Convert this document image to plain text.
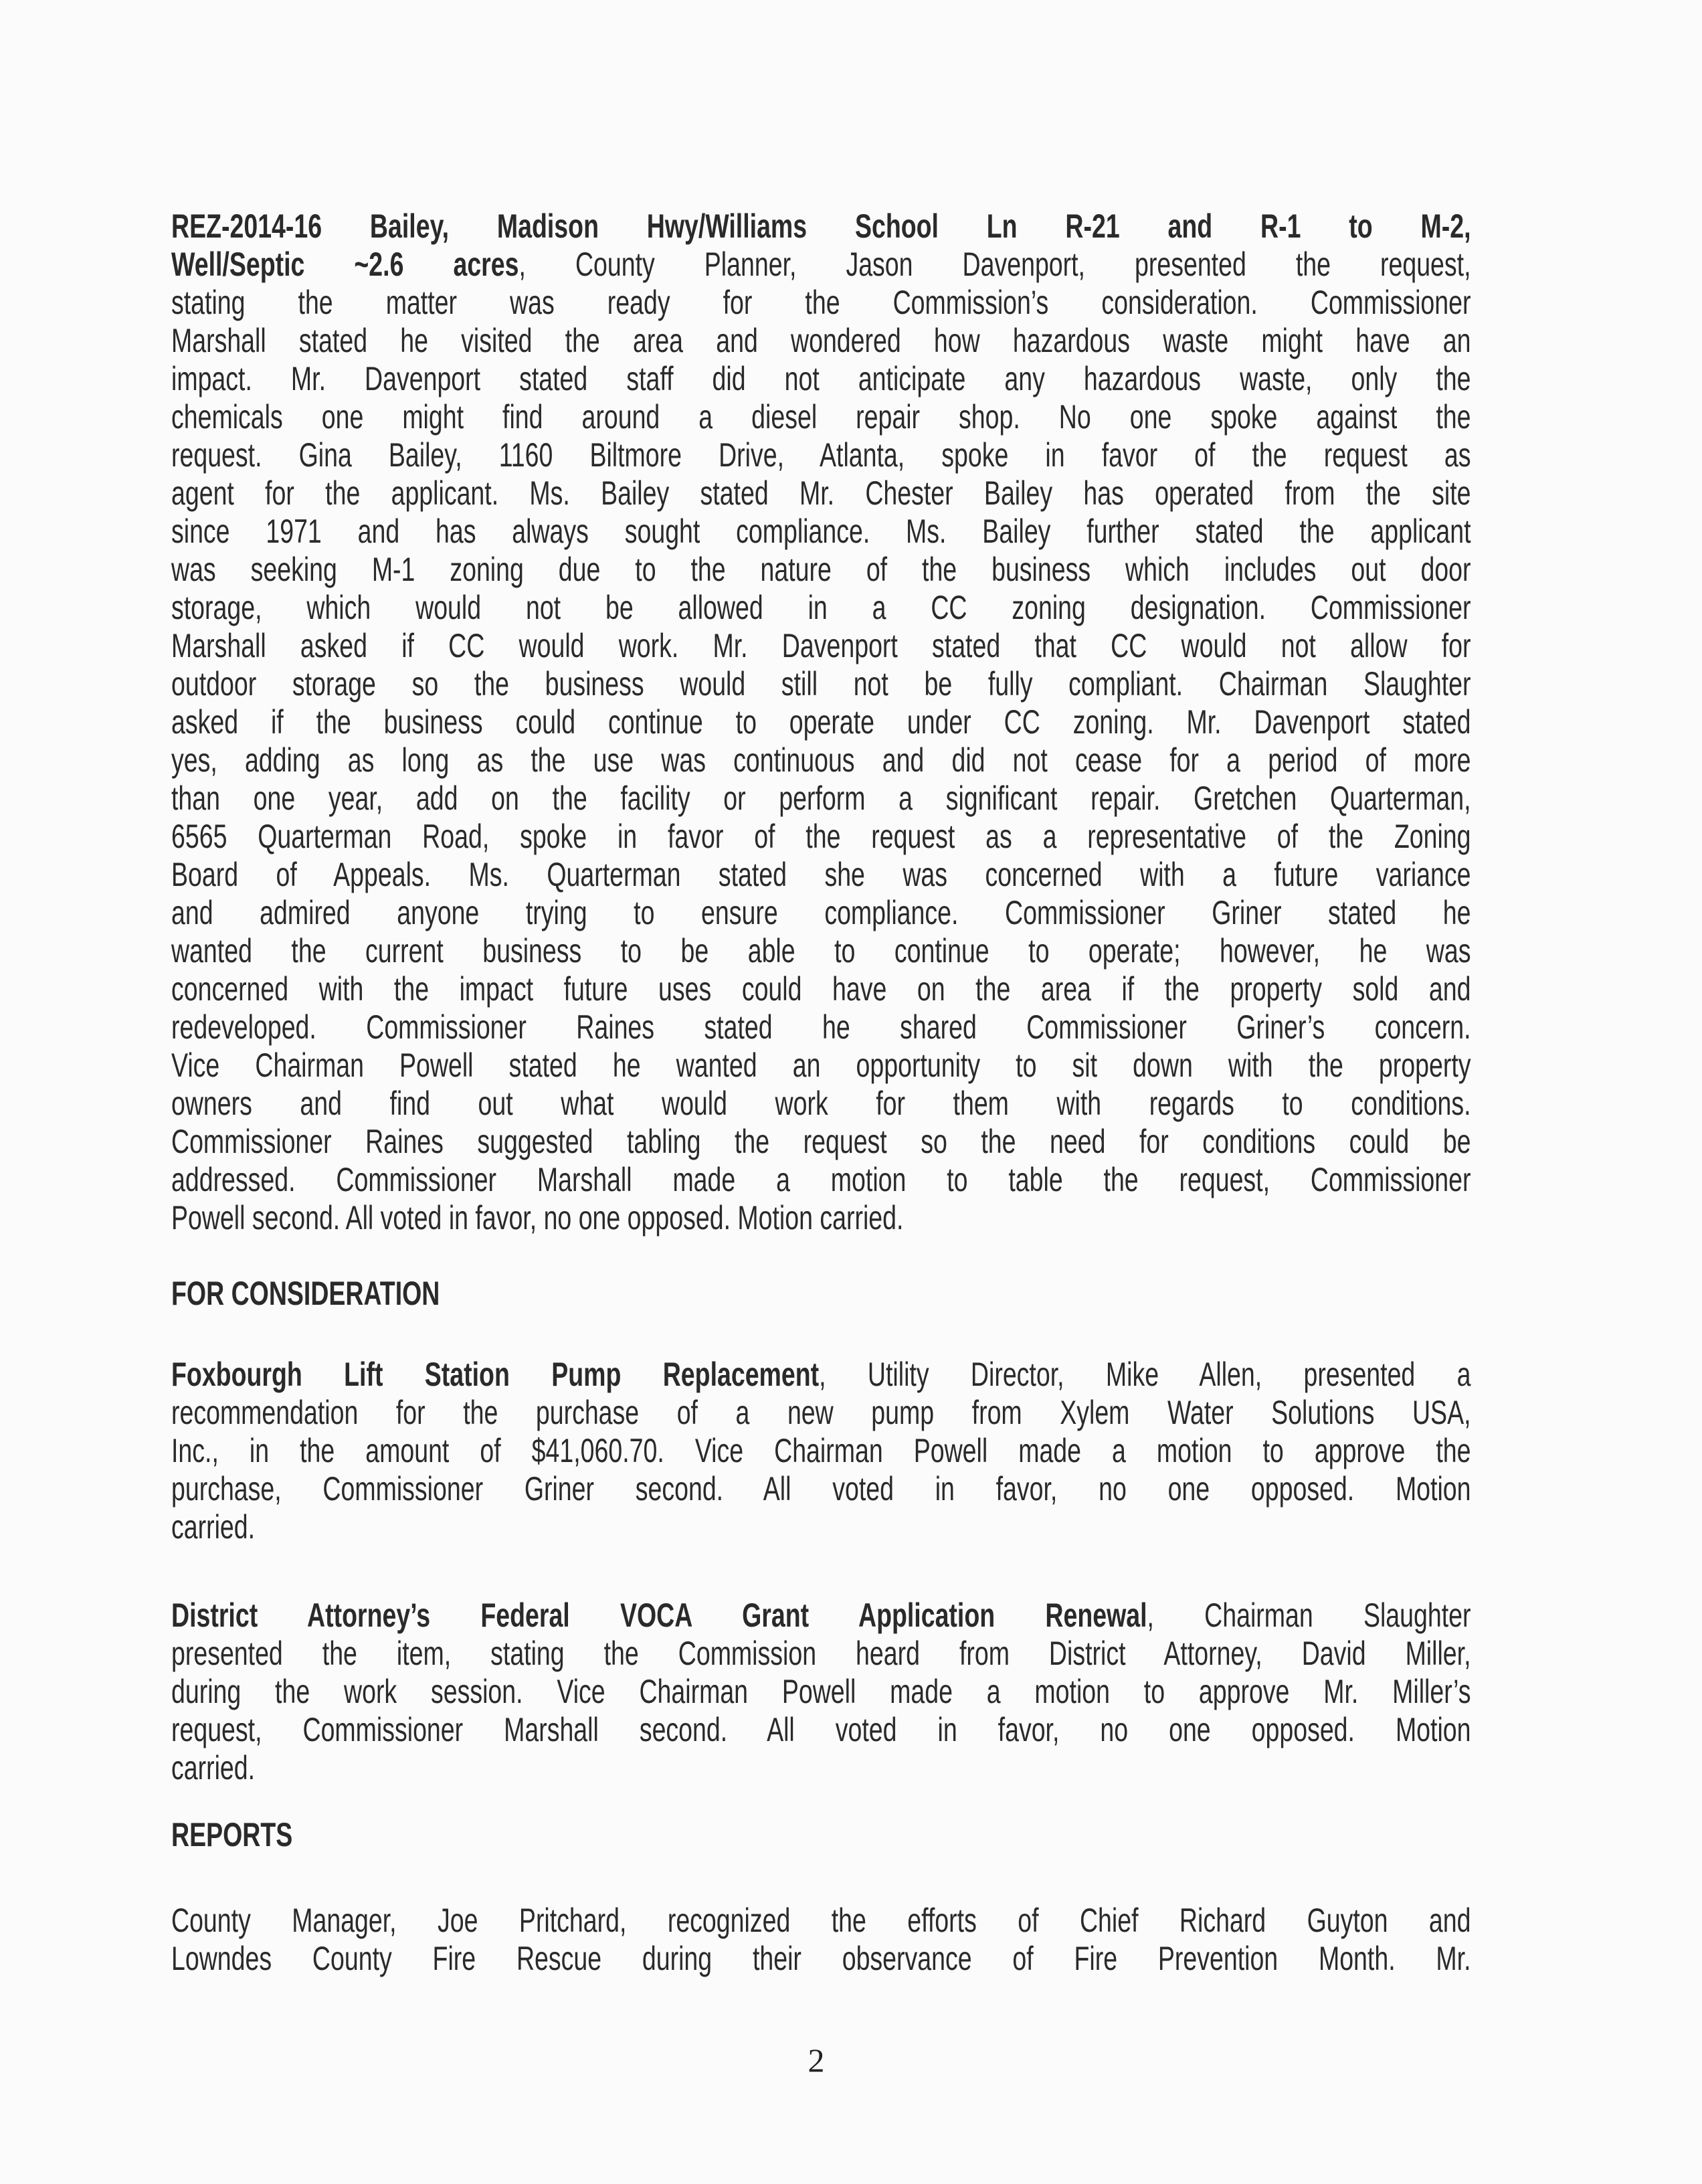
REZ-2014-16 Bailey, Madison Hwy/Williams School Ln R-21 and R-1 to M-2,
Well/Septic ~2.6 acres, County Planner, Jason Davenport, presented the request,
stating the matter was ready for the Commission’s consideration. Commissioner
Marshall stated he visited the area and wondered how hazardous waste might have an
impact. Mr. Davenport stated staff did not anticipate any hazardous waste, only the
chemicals one might find around a diesel repair shop. No one spoke against the
request. Gina Bailey, 1160 Biltmore Drive, Atlanta, spoke in favor of the request as
agent for the applicant. Ms. Bailey stated Mr. Chester Bailey has operated from the site
since 1971 and has always sought compliance. Ms. Bailey further stated the applicant
was seeking M-1 zoning due to the nature of the business which includes out door
storage, which would not be allowed in a CC zoning designation. Commissioner
Marshall asked if CC would work. Mr. Davenport stated that CC would not allow for
outdoor storage so the business would still not be fully compliant. Chairman Slaughter
asked if the business could continue to operate under CC zoning. Mr. Davenport stated
yes, adding as long as the use was continuous and did not cease for a period of more
than one year, add on the facility or perform a significant repair. Gretchen Quarterman,
6565 Quarterman Road, spoke in favor of the request as a representative of the Zoning
Board of Appeals. Ms. Quarterman stated she was concerned with a future variance
and admired anyone trying to ensure compliance. Commissioner Griner stated he
wanted the current business to be able to continue to operate; however, he was
concerned with the impact future uses could have on the area if the property sold and
redeveloped. Commissioner Raines stated he shared Commissioner Griner’s concern.
Vice Chairman Powell stated he wanted an opportunity to sit down with the property
owners and find out what would work for them with regards to conditions.
Commissioner Raines suggested tabling the request so the need for conditions could be
addressed. Commissioner Marshall made a motion to table the request, Commissioner
Powell second. All voted in favor, no one opposed. Motion carried.
FOR CONSIDERATION
Foxbourgh Lift Station Pump Replacement, Utility Director, Mike Allen, presented a
recommendation for the purchase of a new pump from Xylem Water Solutions USA,
Inc., in the amount of $41,060.70. Vice Chairman Powell made a motion to approve the
purchase, Commissioner Griner second. All voted in favor, no one opposed. Motion
carried.
District Attorney’s Federal VOCA Grant Application Renewal, Chairman Slaughter
presented the item, stating the Commission heard from District Attorney, David Miller,
during the work session. Vice Chairman Powell made a motion to approve Mr. Miller’s
request, Commissioner Marshall second. All voted in favor, no one opposed. Motion
carried.
REPORTS
County Manager, Joe Pritchard, recognized the efforts of Chief Richard Guyton and
Lowndes County Fire Rescue during their observance of Fire Prevention Month. Mr.
2
